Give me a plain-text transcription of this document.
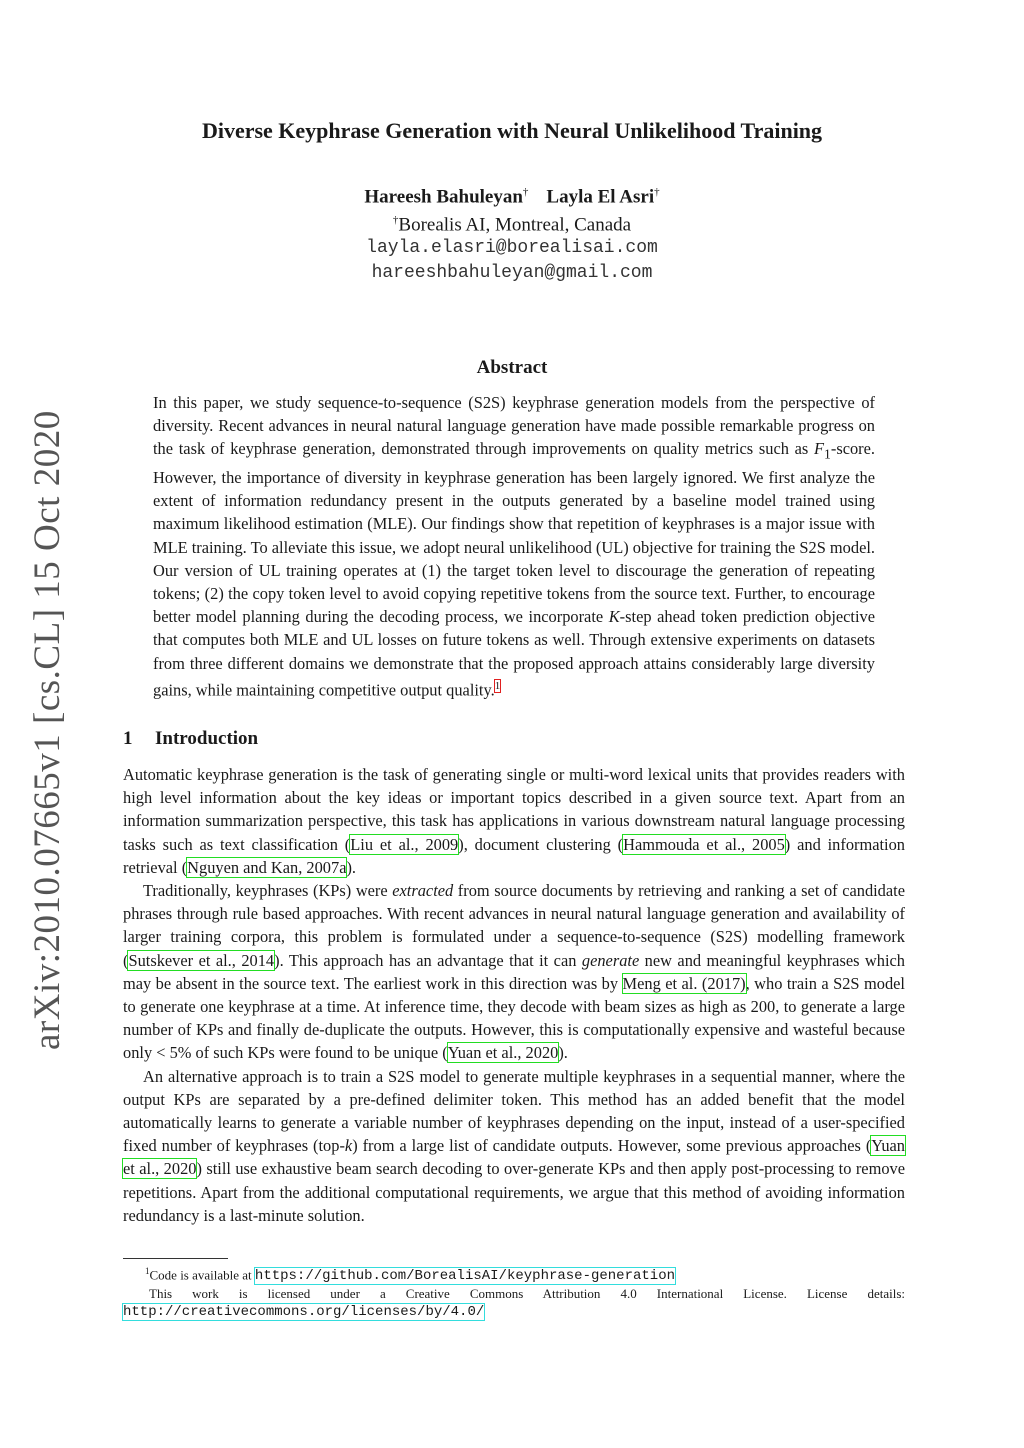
arXiv:2010.07665v1 [cs.CL] 15 Oct 2020
Diverse Keyphrase Generation with Neural Unlikelihood Training
Hareesh Bahuleyan† Layla El Asri†
†Borealis AI, Montreal, Canada
layla.elasri@borealisai.com
hareeshbahuleyan@gmail.com
Abstract
In this paper, we study sequence-to-sequence (S2S) keyphrase generation models from the perspective of diversity. Recent advances in neural natural language generation have made possible remarkable progress on the task of keyphrase generation, demonstrated through improvements on quality metrics such as $F_1$-score. However, the importance of diversity in keyphrase generation has been largely ignored. We first analyze the extent of information redundancy present in the outputs generated by a baseline model trained using maximum likelihood estimation (MLE). Our findings show that repetition of keyphrases is a major issue with MLE training. To alleviate this issue, we adopt neural unlikelihood (UL) objective for training the S2S model. Our version of UL training operates at (1) the target token level to discourage the generation of repeating tokens; (2) the copy token level to avoid copying repetitive tokens from the source text. Further, to encourage better model planning during the decoding process, we incorporate K-step ahead token prediction objective that computes both MLE and UL losses on future tokens as well. Through extensive experiments on datasets from three different domains we demonstrate that the proposed approach attains considerably large diversity gains, while maintaining competitive output quality.$^1$
1 Introduction

Automatic keyphrase generation is the task of generating single or multi-word lexical units that provides readers with high level information about the key ideas or important topics described in a given source text. Apart from an information summarization perspective, this task has applications in various downstream natural language processing tasks such as text classification (Liu et al., 2009), document clustering (Hammouda et al., 2005) and information retrieval (Nguyen and Kan, 2007a).

Traditionally, keyphrases (KPs) were extracted from source documents by retrieving and ranking a set of candidate phrases through rule based approaches. With recent advances in neural natural language generation and availability of larger training corpora, this problem is formulated under a sequence-to-sequence (S2S) modelling framework (Sutskever et al., 2014). This approach has an advantage that it can generate new and meaningful keyphrases which may be absent in the source text. The earliest work in this direction was by Meng et al. (2017), who train a S2S model to generate one keyphrase at a time. At inference time, they decode with beam sizes as high as 200, to generate a large number of KPs and finally de-duplicate the outputs. However, this is computationally expensive and wasteful because only < 5% of such KPs were found to be unique (Yuan et al., 2020).

An alternative approach is to train a S2S model to generate multiple keyphrases in a sequential manner, where the output KPs are separated by a pre-defined delimiter token. This method has an added benefit that the model automatically learns to generate a variable number of keyphrases depending on the input, instead of a user-specified fixed number of keyphrases (top-k) from a large list of candidate outputs. However, some previous approaches (Yuan et al., 2020) still use exhaustive beam search decoding to over-generate KPs and then apply post-processing to remove repetitions. Apart from the additional computational requirements, we argue that this method of avoiding information redundancy is a last-minute solution.

$^1$Code is available at https://github.com/BorealisAI/keyphrase-generation

This work is licensed under a Creative Commons Attribution 4.0 International License. License details: http://creativecommons.org/licenses/by/4.0/
